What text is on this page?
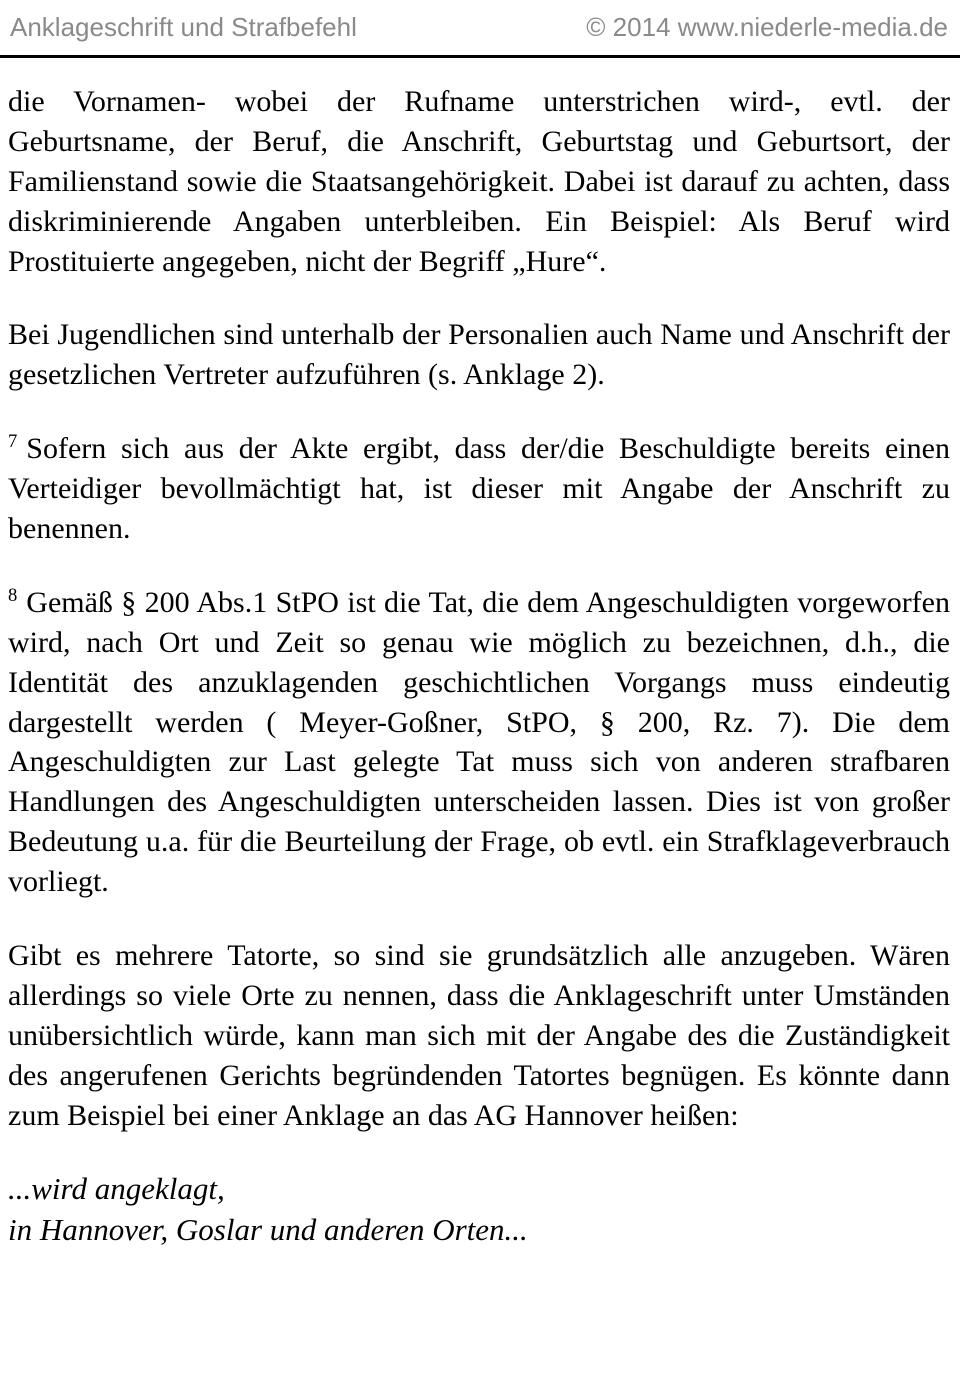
Anklageschrift und Strafbefehl	© 2014 www.niederle-media.de

die Vornamen- wobei der Rufname unterstrichen wird-, evtl. der Geburtsname, der Beruf, die Anschrift, Geburtstag und Geburtsort, der Familienstand sowie die Staatsangehörigkeit. Dabei ist darauf zu achten, dass diskriminierende Angaben unterbleiben. Ein Beispiel: Als Beruf wird Prostituierte angegeben, nicht der Begriff „Hure“.

Bei Jugendlichen sind unterhalb der Personalien auch Name und Anschrift der gesetzlichen Vertreter aufzuführen (s. Anklage 2).

$^7$ Sofern sich aus der Akte ergibt, dass der/die Beschuldigte bereits einen Verteidiger bevollmächtigt hat, ist dieser mit Angabe der Anschrift zu benennen.

$^8$ Gemäß § 200 Abs.1 StPO ist die Tat, die dem Angeschuldigten vorgeworfen wird, nach Ort und Zeit so genau wie möglich zu bezeichnen, d.h., die Identität des anzuklagenden geschichtlichen Vorgangs muss eindeutig dargestellt werden ( Meyer-Goßner, StPO, § 200, Rz. 7). Die dem Angeschuldigten zur Last gelegte Tat muss sich von anderen strafbaren Handlungen des Angeschuldigten unterscheiden lassen. Dies ist von großer Bedeutung u.a. für die Beurteilung der Frage, ob evtl. ein Strafklageverbrauch vorliegt.

Gibt es mehrere Tatorte, so sind sie grundsätzlich alle anzugeben. Wären allerdings so viele Orte zu nennen, dass die Anklageschrift unter Umständen unübersichtlich würde, kann man sich mit der Angabe des die Zuständigkeit des angerufenen Gerichts begründenden Tatortes begnügen. Es könnte dann zum Beispiel bei einer Anklage an das AG Hannover heißen:

...wird angeklagt,
in Hannover, Goslar und anderen Orten...
